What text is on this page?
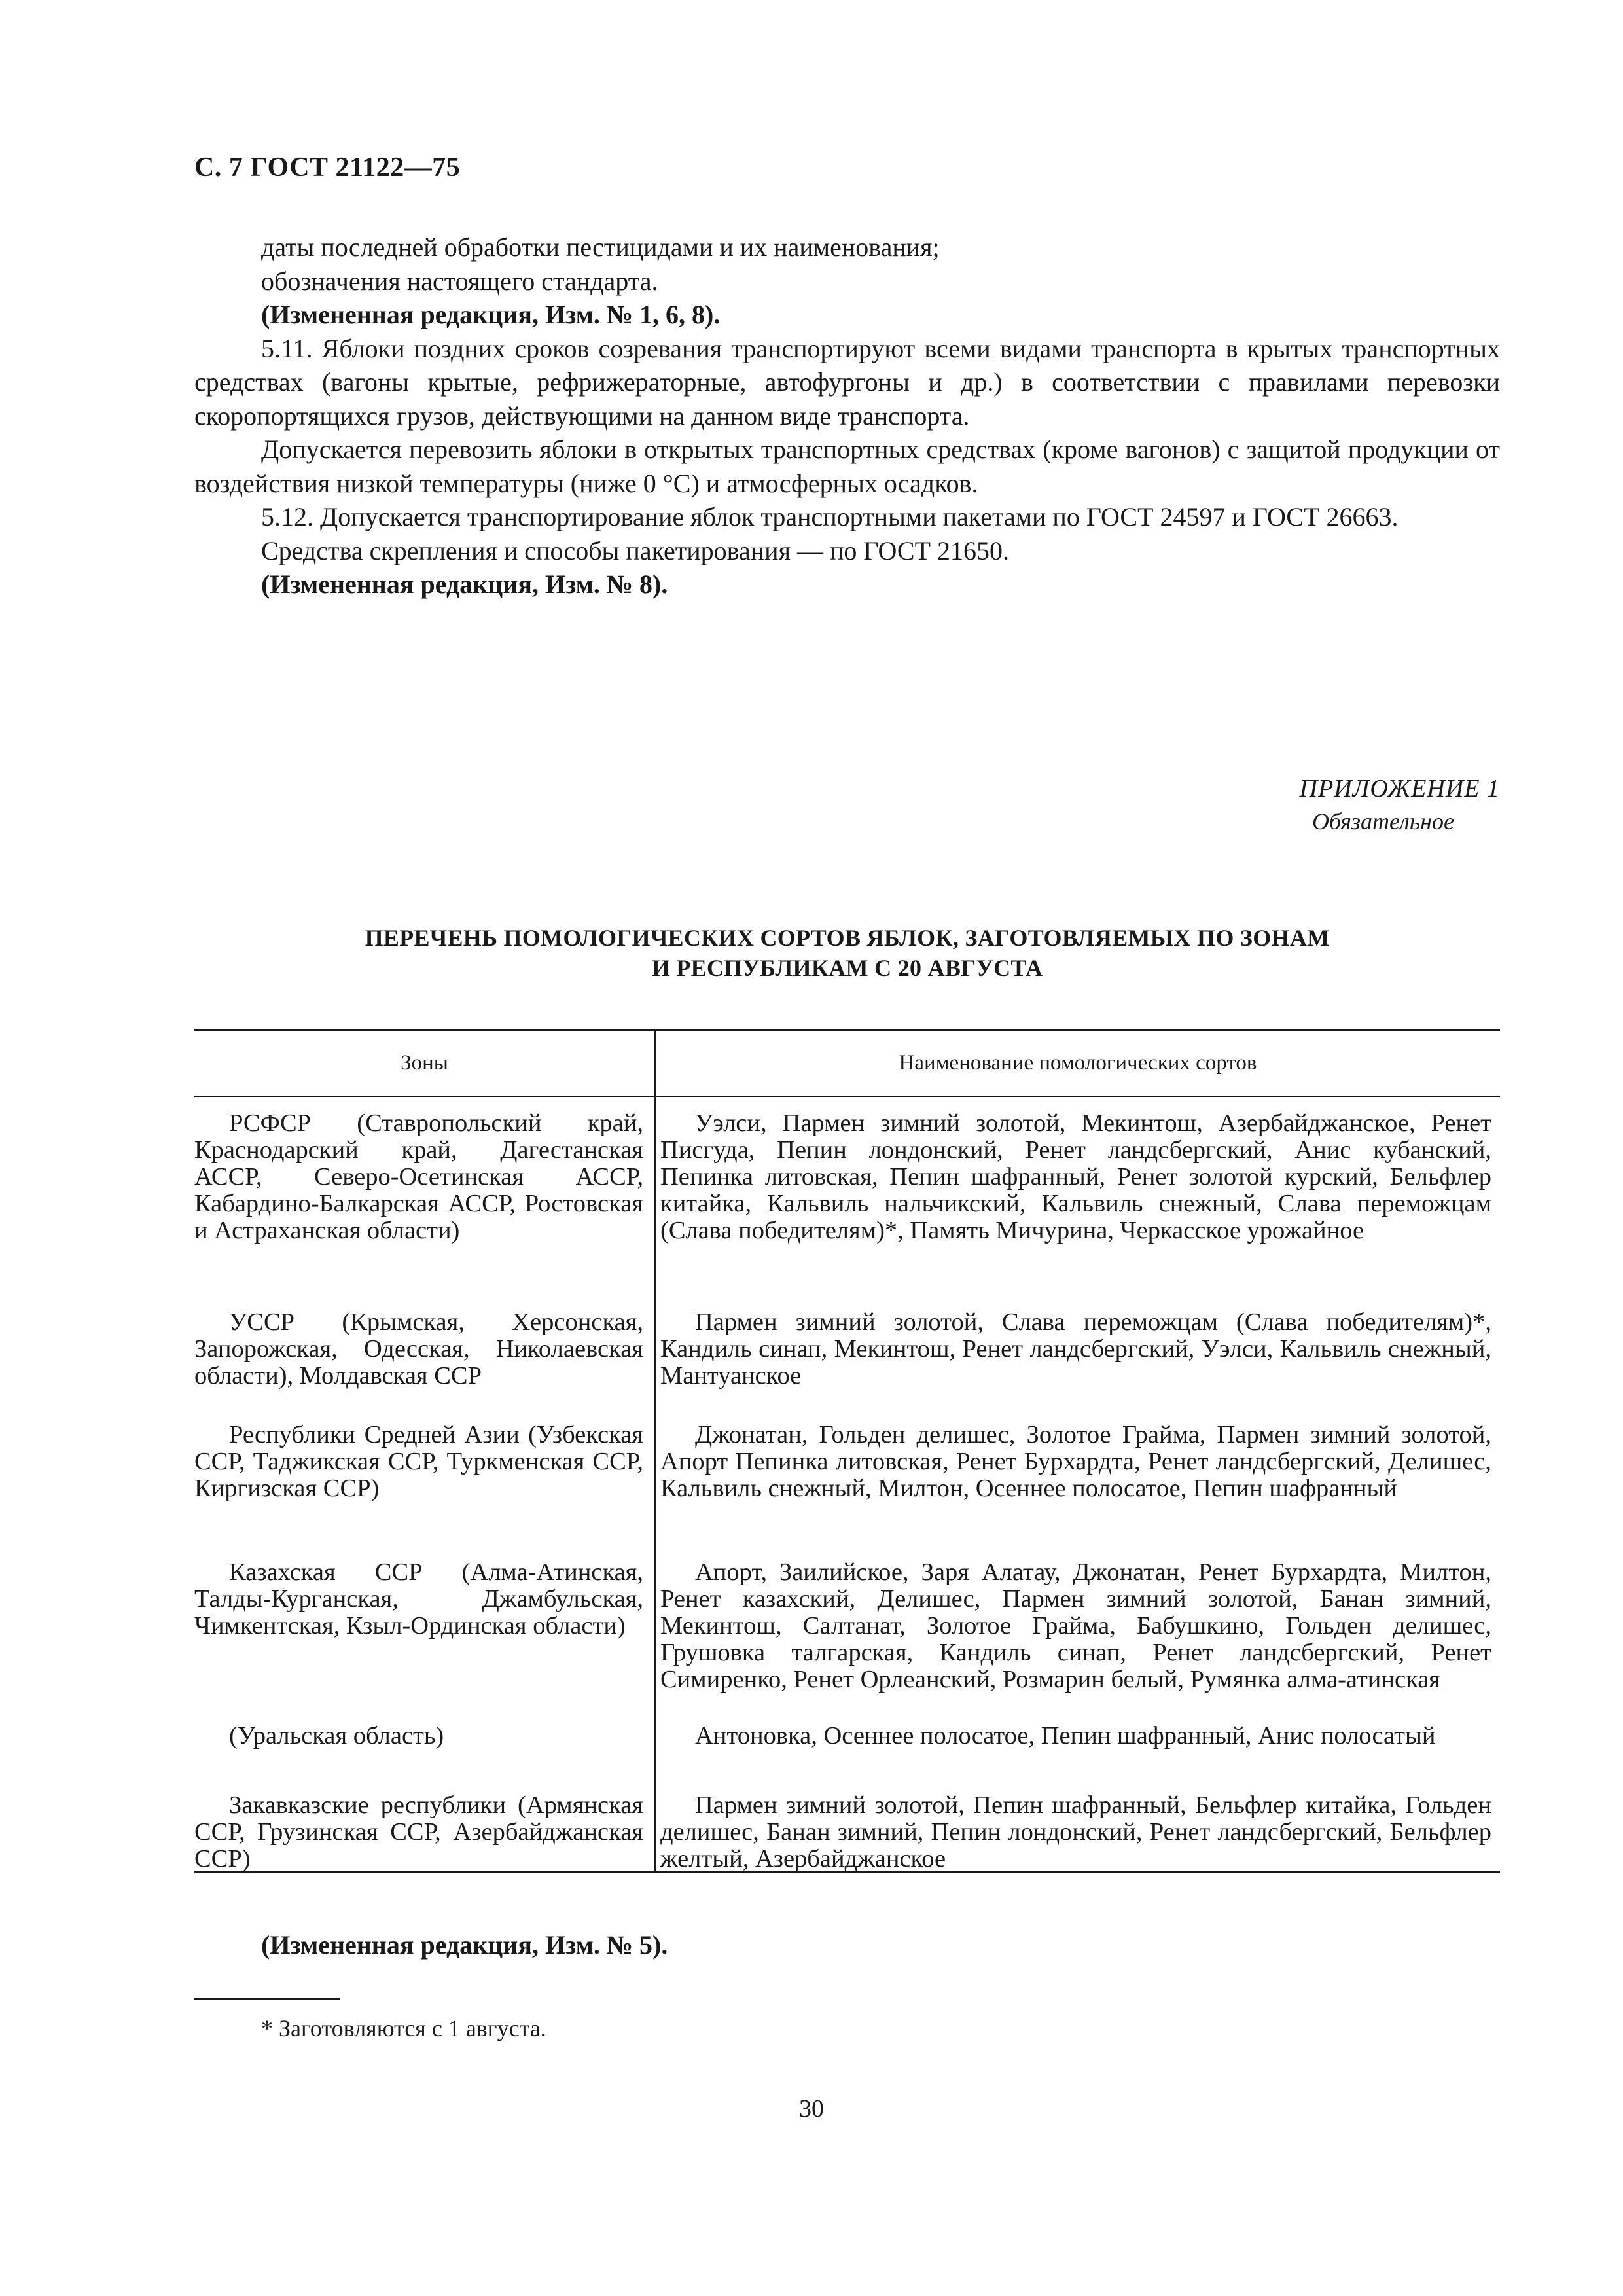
С. 7 ГОСТ 21122—75

даты последней обработки пестицидами и их наименования;

обозначения настоящего стандарта.

(Измененная редакция, Изм. № 1, 6, 8).

5.11. Яблоки поздних сроков созревания транспортируют всеми видами транспорта в крытых транспортных средствах (вагоны крытые, рефрижераторные, автофургоны и др.) в соответствии с правилами перевозки скоропортящихся грузов, действующими на данном виде транспорта.

Допускается перевозить яблоки в открытых транспортных средствах (кроме вагонов) с защитой продукции от воздействия низкой температуры (ниже 0 °С) и атмосферных осадков.

5.12. Допускается транспортирование яблок транспортными пакетами по ГОСТ 24597 и ГОСТ 26663.

Средства скрепления и способы пакетирования — по ГОСТ 21650.

(Измененная редакция, Изм. № 8).

ПРИЛОЖЕНИЕ 1
Обязательное
ПЕРЕЧЕНЬ ПОМОЛОГИЧЕСКИХ СОРТОВ ЯБЛОК, ЗАГОТОВЛЯЕМЫХ ПО ЗОНАМ
И РЕСПУБЛИКАМ С 20 АВГУСТА
Зоны	Наименование помологических сортов
РСФСР (Ставропольский край, Краснодарский край, Дагестанская АССР, Северо-Осетинская АССР, Кабардино-Балкарская АССР, Ростовская и Астраханская области)
Уэлси, Пармен зимний золотой, Мекинтош, Азербайджанское, Ренет Писгуда, Пепин лондонский, Ренет ландсбергский, Анис кубанский, Пепинка литовская, Пепин шафранный, Ренет золотой курский, Бельфлер китайка, Кальвиль нальчикский, Кальвиль снежный, Слава переможцам (Слава победителям)*, Память Мичурина, Черкасское урожайное
УССР (Крымская, Херсонская, Запорожская, Одесская, Николаевская области), Молдавская ССР
Пармен зимний золотой, Слава переможцам (Слава победителям)*, Кандиль синап, Мекинтош, Ренет ландсбергский, Уэлси, Кальвиль снежный, Мантуанское
Республики Средней Азии (Узбекская ССР, Таджикская ССР, Туркменская ССР, Киргизская ССР)
Джонатан, Гольден делишес, Золотое Грайма, Пармен зимний золотой, Апорт Пепинка литовская, Ренет Бурхардта, Ренет ландсбергский, Делишес, Кальвиль снежный, Милтон, Осеннее полосатое, Пепин шафранный
Казахская ССР (Алма-Атинская, Талды-Курганская, Джамбульская, Чимкентская, Кзыл-Ординская области)
Апорт, Заилийское, Заря Алатау, Джонатан, Ренет Бурхардта, Милтон, Ренет казахский, Делишес, Пармен зимний золотой, Банан зимний, Мекинтош, Салтанат, Золотое Грайма, Бабушкино, Гольден делишес, Грушовка талгарская, Кандиль синап, Ренет ландсбергский, Ренет Симиренко, Ренет Орлеанский, Розмарин белый, Румянка алма-атинская
(Уральская область)	Антоновка, Осеннее полосатое, Пепин шафранный, Анис полосатый
Закавказские республики (Армянская ССР, Грузинская ССР, Азербайджанская ССР)
Пармен зимний золотой, Пепин шафранный, Бельфлер китайка, Гольден делишес, Банан зимний, Пепин лондонский, Ренет ландсбергский, Бельфлер желтый, Азербайджанское
(Измененная редакция, Изм. № 5).
* Заготовляются с 1 августа.
30
